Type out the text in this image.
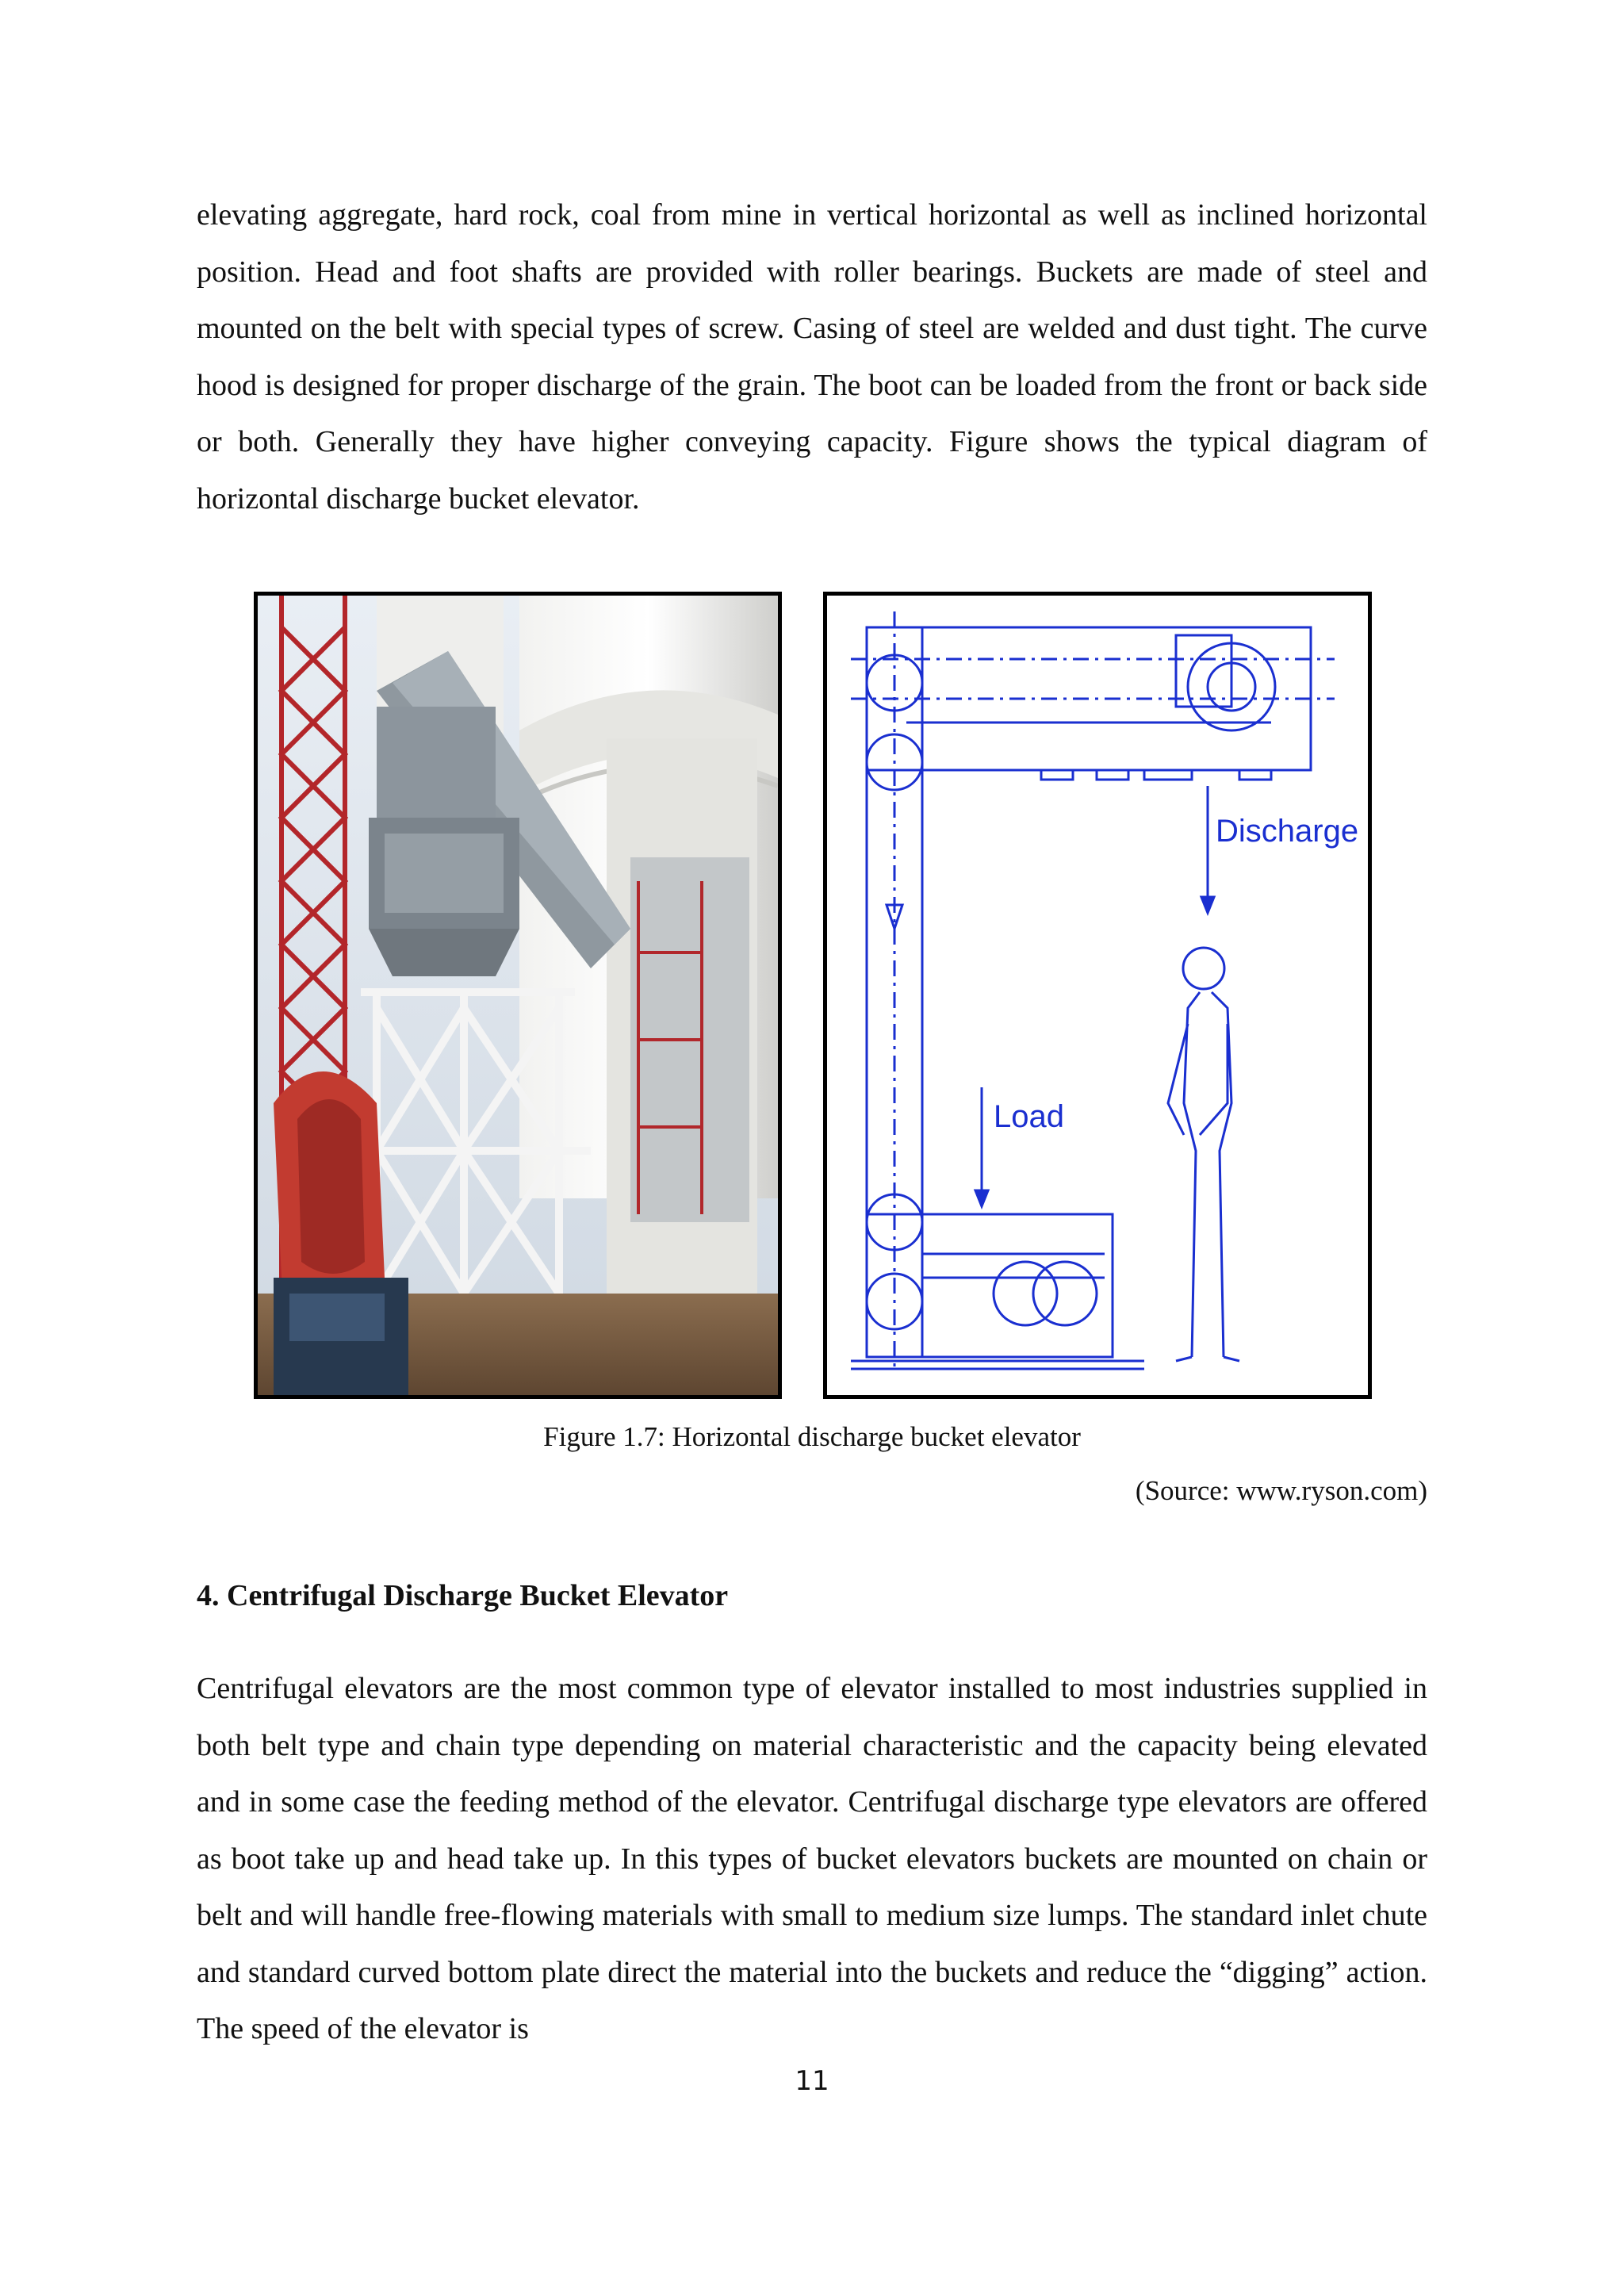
elevating aggregate, hard rock, coal from mine in vertical horizontal as well as inclined horizontal position. Head and foot shafts are provided with roller bearings. Buckets are made of steel and mounted on the belt with special types of screw. Casing of steel are welded and dust tight. The curve hood is designed for proper discharge of the grain. The boot can be loaded from the front or back side or both. Generally they have higher conveying capacity. Figure shows the typical diagram of horizontal discharge bucket elevator.

Discharge
Load

Figure 1.7: Horizontal discharge bucket elevator

(Source: www.ryson.com)

4. Centrifugal Discharge Bucket Elevator

Centrifugal elevators are the most common type of elevator installed to most industries supplied in both belt type and chain type depending on material characteristic and the capacity being elevated and in some case the feeding method of the elevator. Centrifugal discharge type elevators are offered as boot take up and head take up. In this types of bucket elevators buckets are mounted on chain or belt and will handle free-flowing materials with small to medium size lumps. The standard inlet chute and standard curved bottom plate direct the material into the buckets and reduce the “digging” action. The speed of the elevator is

11
